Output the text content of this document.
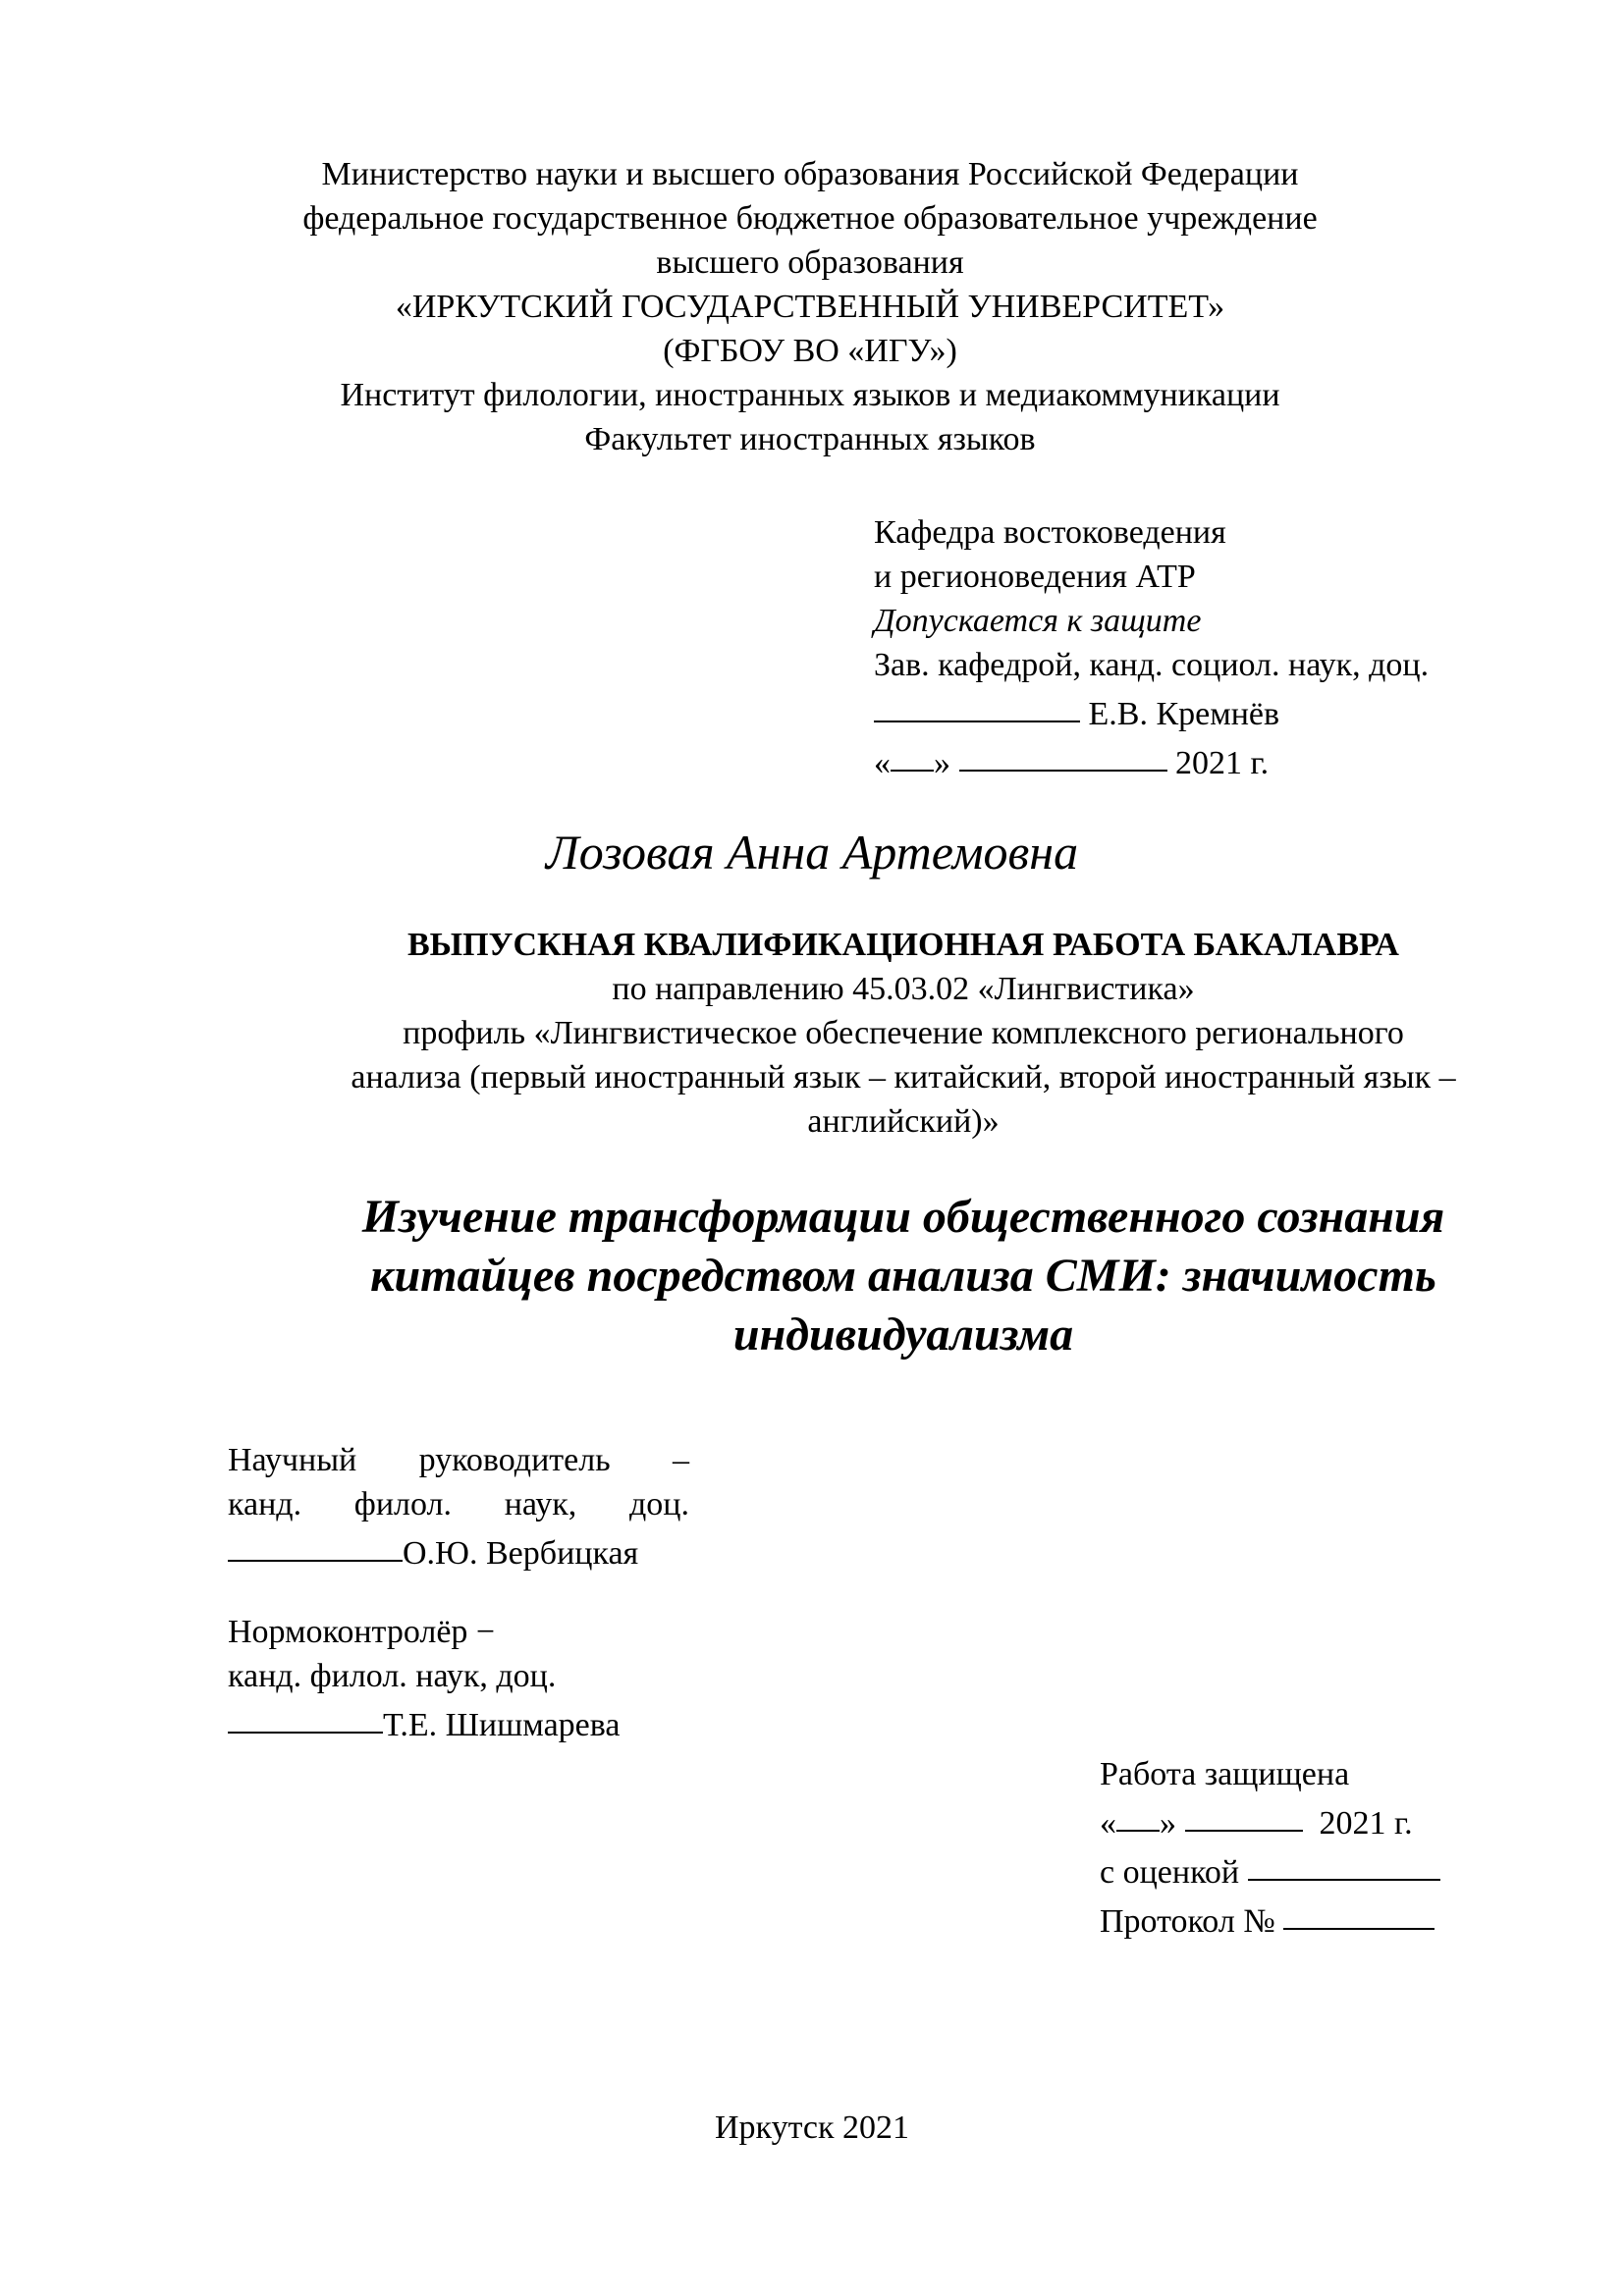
Министерство науки и высшего образования Российской Федерации
федеральное государственное бюджетное образовательное учреждение
высшего образования
«ИРКУТСКИЙ ГОСУДАРСТВЕННЫЙ УНИВЕРСИТЕТ»
(ФГБОУ ВО «ИГУ»)
Институт филологии, иностранных языков и медиакоммуникации
Факультет иностранных языков
Кафедра востоковедения
и регионоведения АТР
Допускается к защите
Зав. кафедрой, канд. социол. наук, доц.
Е.В. Кремнёв
« »	2021 г.
Лозовая Анна Артемовна
ВЫПУСКНАЯ КВАЛИФИКАЦИОННАЯ РАБОТА БАКАЛАВРА
по направлению 45.03.02 «Лингвистика»
профиль «Лингвистическое обеспечение комплексного регионального
анализа (первый иностранный язык – китайский, второй иностранный язык –
английский)»
Изучение трансформации общественного сознания
китайцев посредством анализа СМИ: значимость
индивидуализма
Научный руководитель –
канд. филол. наук, доц.
О.Ю. Вербицкая
Нормоконтролёр −
канд. филол. наук, доц.
Т.Е. Шишмарева
Работа защищена
« »	2021 г.
с оценкой
Протокол №
Иркутск 2021
